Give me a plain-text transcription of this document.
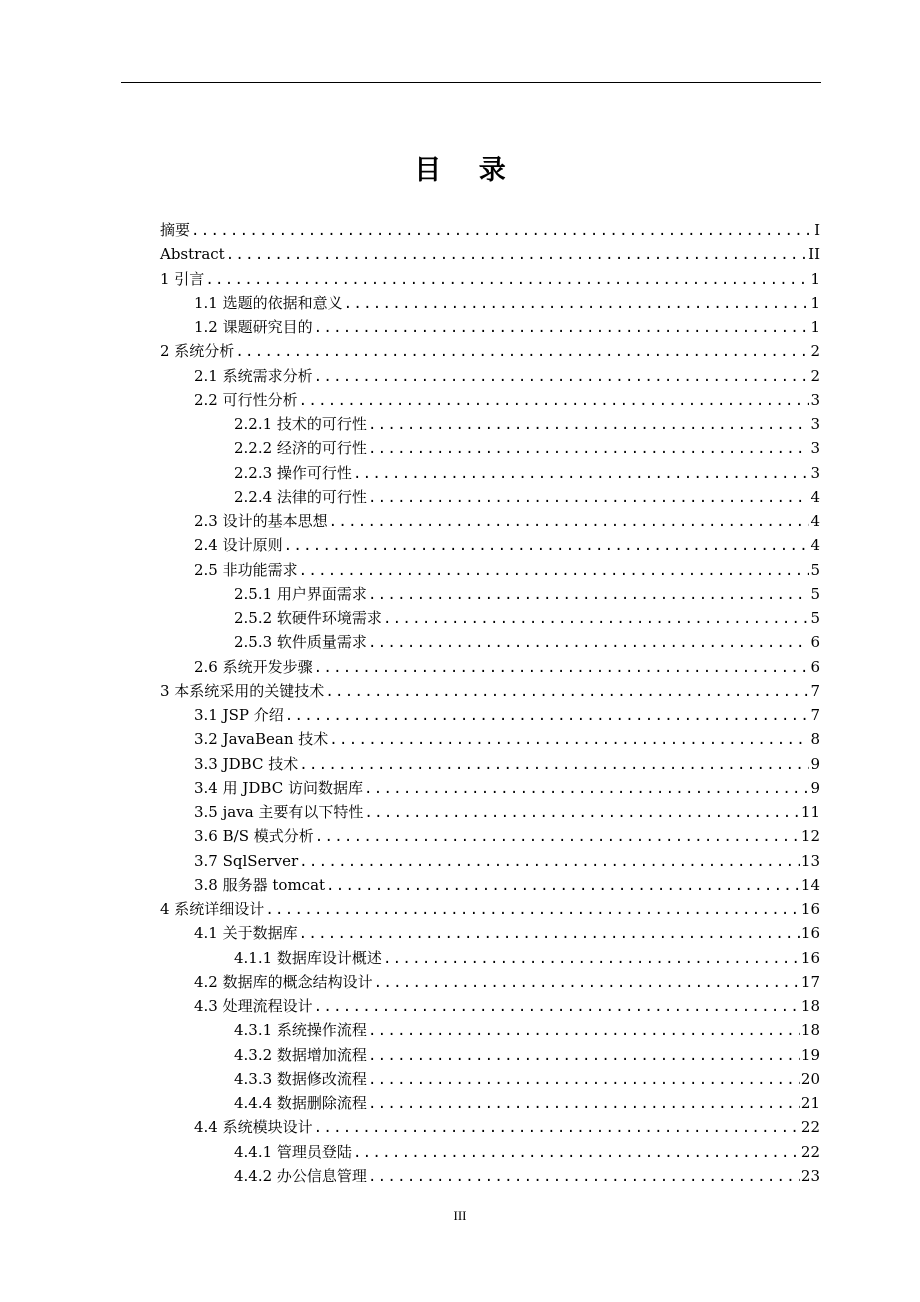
目 录
摘要 .....	I
Abstract .....	II
1 引言 .....	1
1.1 选题的依据和意义 .....	1
1.2 课题研究目的 .....	1
2 系统分析 .....	2
2.1 系统需求分析 .....	2
2.2 可行性分析 .....	3
2.2.1 技术的可行性 .....	3
2.2.2 经济的可行性 .....	3
2.2.3 操作可行性 .....	3
2.2.4 法律的可行性 .....	4
2.3 设计的基本思想 .....	4
2.4 设计原则 .....	4
2.5 非功能需求 .....	5
2.5.1 用户界面需求 .....	5
2.5.2 软硬件环境需求 .....	5
2.5.3 软件质量需求 .....	6
2.6 系统开发步骤 .....	6
3 本系统采用的关键技术 .....	7
3.1 JSP 介绍 .....	7
3.2 JavaBean 技术 .....	8
3.3 JDBC 技术 .....	9
3.4 用 JDBC 访问数据库 .....	9
3.5 java 主要有以下特性 .....	11
3.6 B/S 模式分析 .....	12
3.7 SqlServer .....	13
3.8 服务器 tomcat .....	14
4 系统详细设计 .....	16
4.1 关于数据库 .....	16
4.1.1 数据库设计概述 .....	16
4.2 数据库的概念结构设计 .....	17
4.3 处理流程设计 .....	18
4.3.1 系统操作流程 .....	18
4.3.2 数据增加流程 .....	19
4.3.3 数据修改流程 .....	20
4.4.4 数据删除流程 .....	21
4.4 系统模块设计 .....	22
4.4.1 管理员登陆 .....	22
4.4.2 办公信息管理 .....	23
III
